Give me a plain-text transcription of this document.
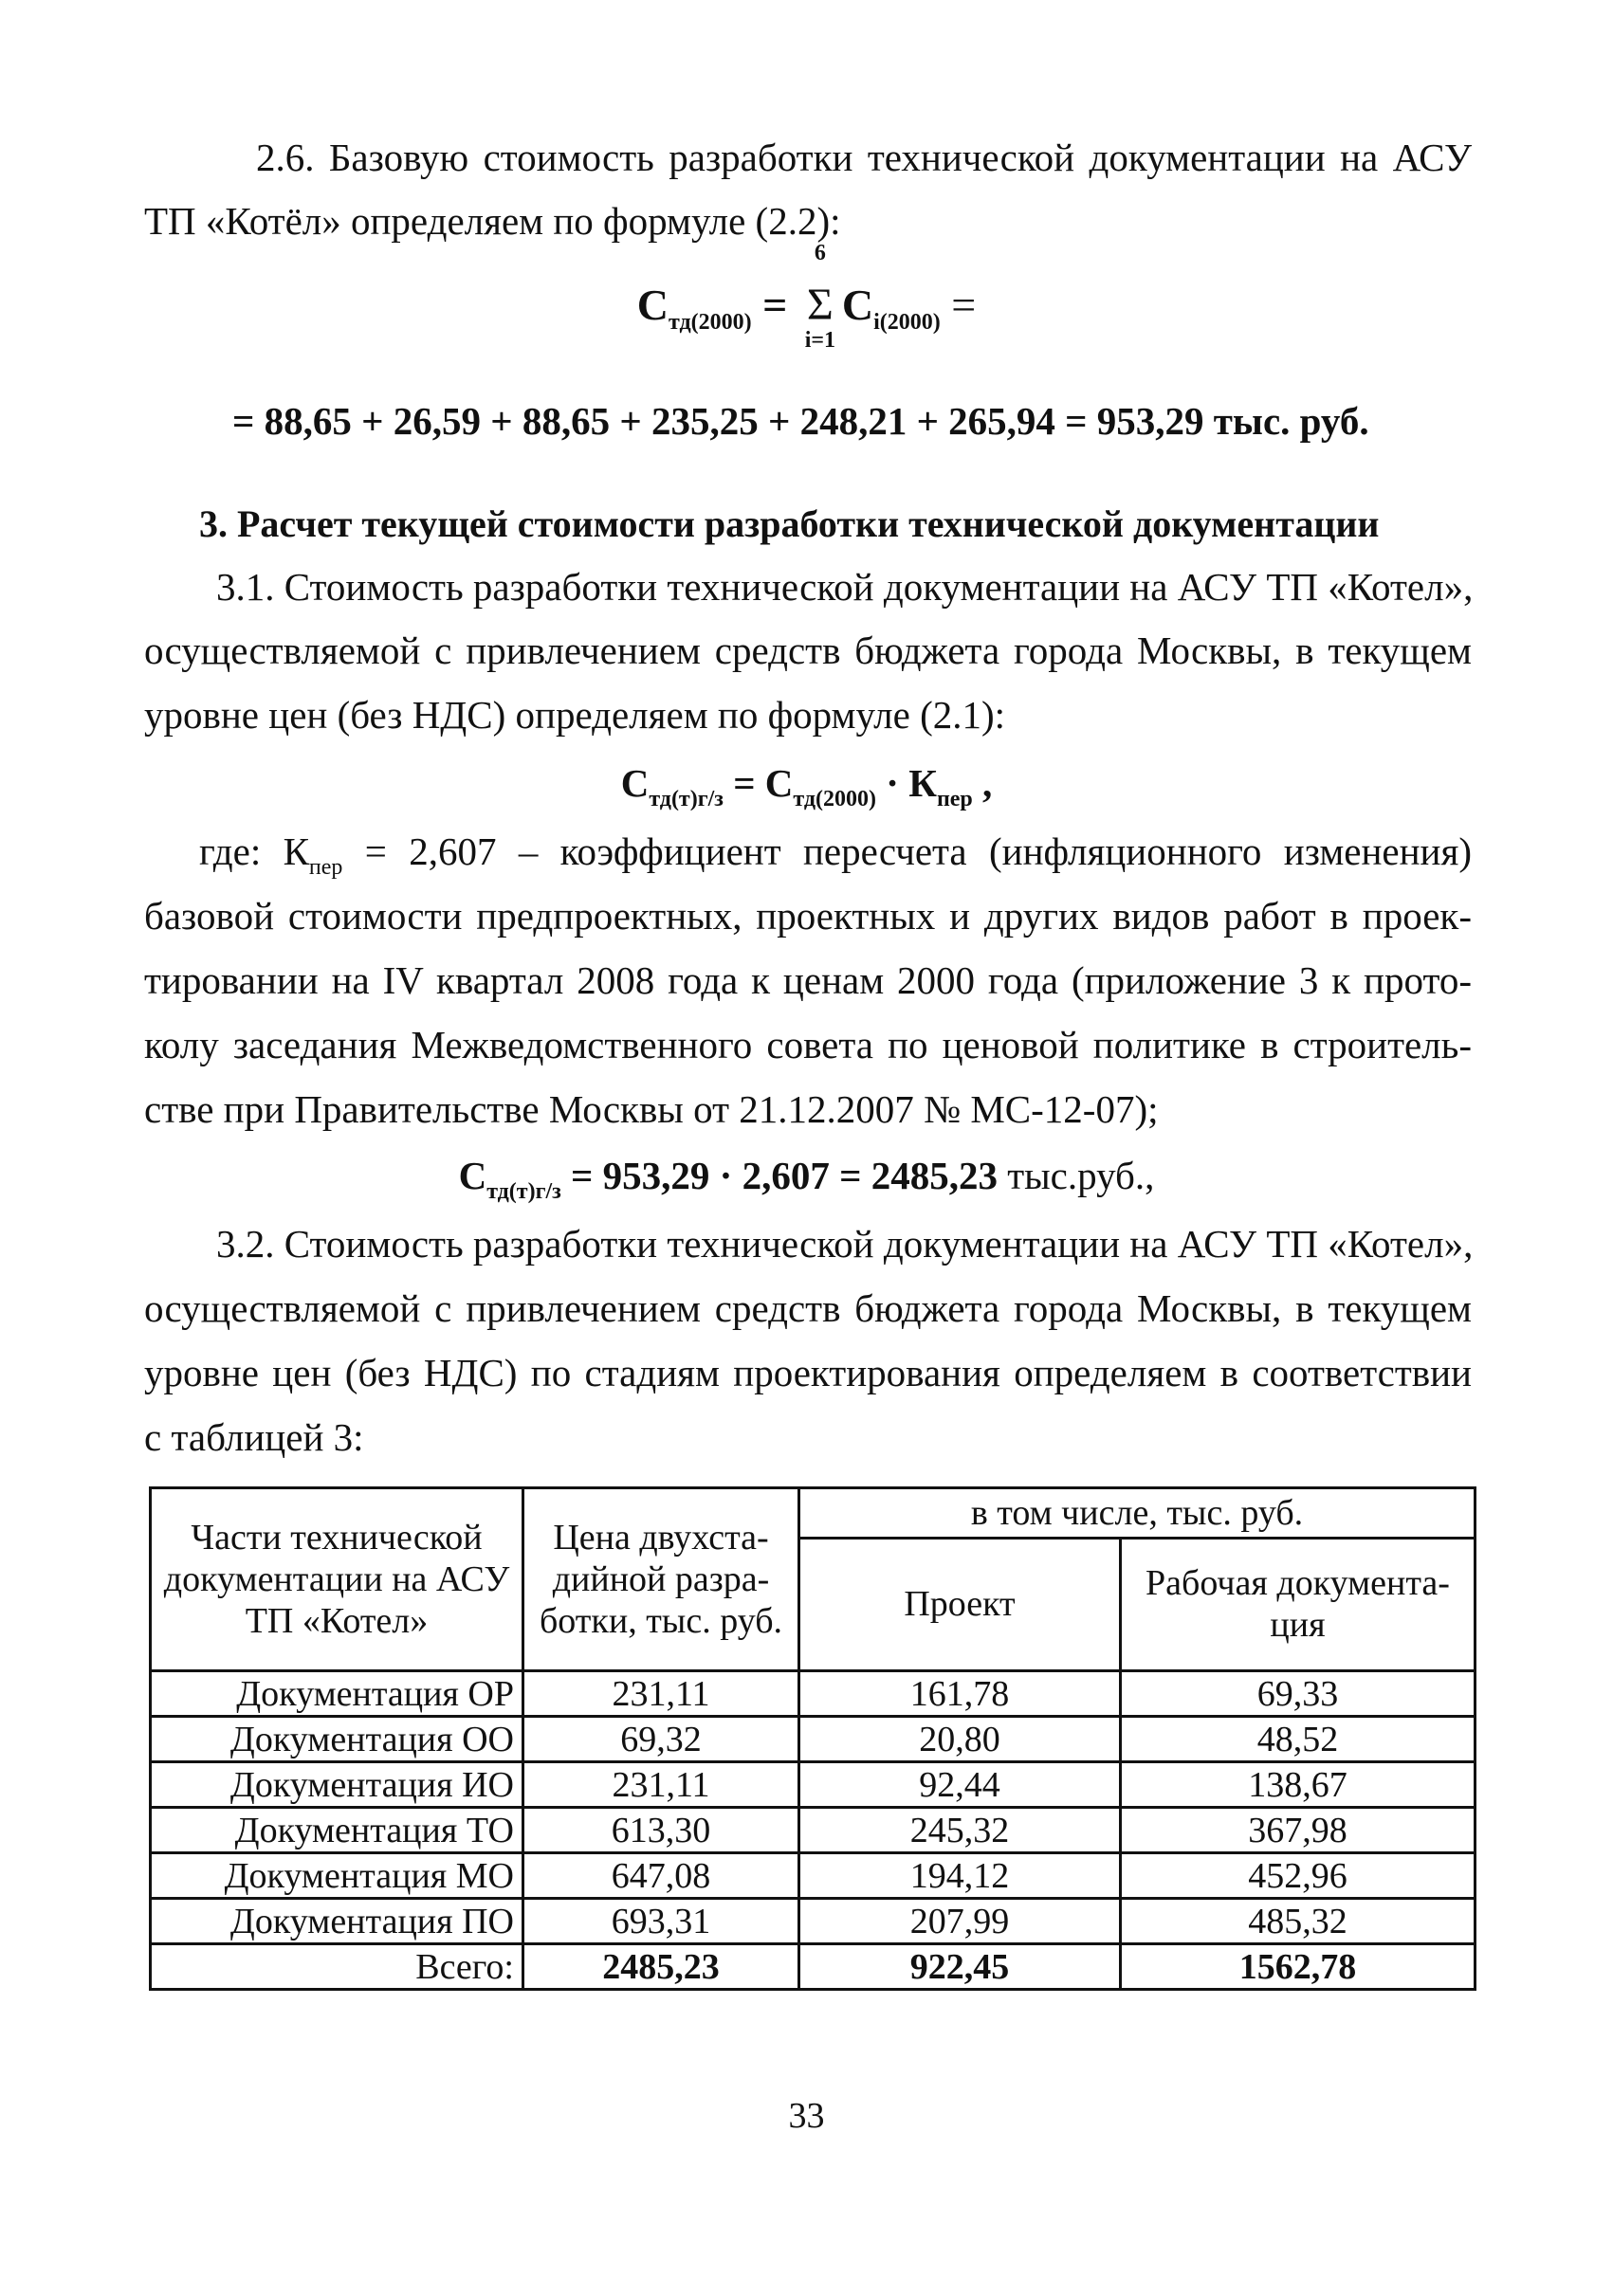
2.6. Базовую стоимость разработки технической документации на АСУ
ТП «Котёл» определяем по формуле (2.2):
$С_{тд(2000)}$ =
6
Σ
i=1
$С_{i(2000)}$ =
= 88,65 + 26,59 + 88,65 + 235,25 + 248,21 + 265,94 = 953,29 тыс. руб.
3. Расчет текущей стоимости разработки технической документации
3.1. Стоимость разработки технической документации на АСУ ТП «Котел»,
осуществляемой с привлечением средств бюджета города Москвы, в текущем
уровне цен (без НДС) определяем по формуле (2.1):
$С_{тд(т)г/з} = С_{тд(2000)} \cdot К_{пер}$ ,
где: $К_{пер} = 2,607$ – коэффициент пересчета (инфляционного изменения)
базовой стоимости предпроектных, проектных и других видов работ в проек-
тировании на IV квартал 2008 года к ценам 2000 года (приложение 3 к прото-
колу заседания Межведомственного совета по ценовой политике в строитель-
стве при Правительстве Москвы от 21.12.2007 № МС-12-07);
$С_{тд(т)г/з} = 953,29 \cdot 2,607 = 2485,23$ тыс.руб.,
3.2. Стоимость разработки технической документации на АСУ ТП «Котел»,
осуществляемой с привлечением средств бюджета города Москвы, в текущем
уровне цен (без НДС) по стадиям проектирования определяем в соответствии
с таблицей 3:
Части технической документации на АСУ ТП «Котел»	Цена двухста-дийной разра-ботки, тыс. руб.	в том числе, тыс. руб.	
		Проект	Рабочая документа-ция
Документация ОР	231,11	161,78	69,33
Документация ОО	69,32	20,80	48,52
Документация ИО	231,11	92,44	138,67
Документация ТО	613,30	245,32	367,98
Документация МО	647,08	194,12	452,96
Документация ПО	693,31	207,99	485,32
Всего:	2485,23	922,45	1562,78
33
